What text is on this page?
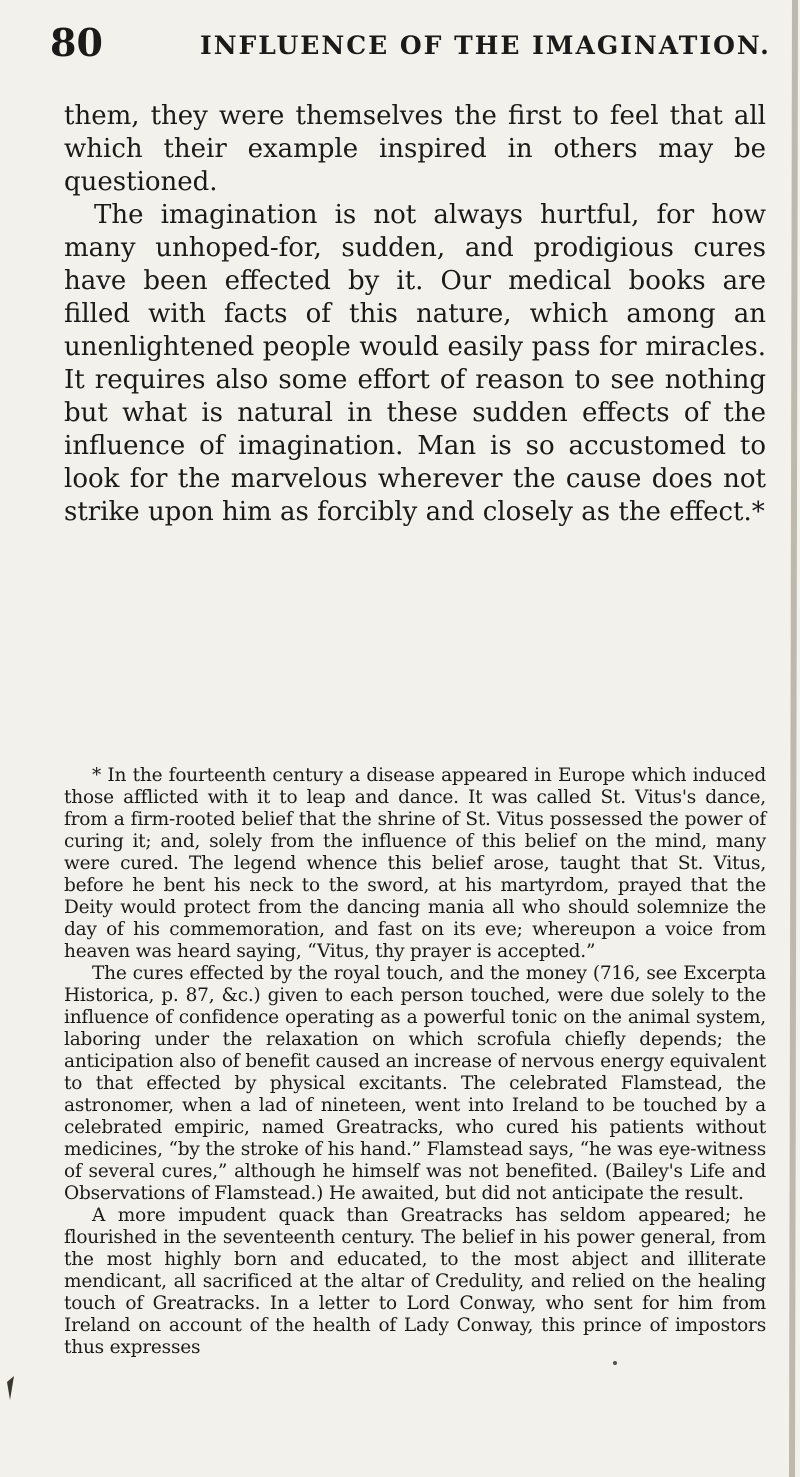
80	INFLUENCE OF THE IMAGINATION.

them, they were themselves the first to feel that all which their example inspired in others may be questioned.

The imagination is not always hurtful, for how many unhoped-for, sudden, and prodigious cures have been effected by it. Our medical books are filled with facts of this nature, which among an unenlightened people would easily pass for miracles. It requires also some effort of reason to see nothing but what is natural in these sudden effects of the influence of imagination. Man is so accustomed to look for the marvelous wherever the cause does not strike upon him as forcibly and closely as the effect.*

* In the fourteenth century a disease appeared in Europe which induced those afflicted with it to leap and dance. It was called St. Vitus's dance, from a firm-rooted belief that the shrine of St. Vitus possessed the power of curing it; and, solely from the influence of this belief on the mind, many were cured. The legend whence this belief arose, taught that St. Vitus, before he bent his neck to the sword, at his martyrdom, prayed that the Deity would protect from the dancing mania all who should solemnize the day of his commemoration, and fast on its eve; whereupon a voice from heaven was heard saying, “Vitus, thy prayer is accepted.”

The cures effected by the royal touch, and the money (716, see Excerpta Historica, p. 87, &c.) given to each person touched, were due solely to the influence of confidence operating as a powerful tonic on the animal system, laboring under the relaxation on which scrofula chiefly depends; the anticipation also of benefit caused an increase of nervous energy equivalent to that effected by physical excitants. The celebrated Flamstead, the astronomer, when a lad of nineteen, went into Ireland to be touched by a celebrated empiric, named Greatracks, who cured his patients without medicines, “by the stroke of his hand.” Flamstead says, “he was eye-witness of several cures,” although he himself was not benefited. (Bailey's Life and Observations of Flamstead.) He awaited, but did not anticipate the result.

A more impudent quack than Greatracks has seldom appeared; he flourished in the seventeenth century. The belief in his power general, from the most highly born and educated, to the most abject and illiterate mendicant, all sacrificed at the altar of Credulity, and relied on the healing touch of Greatracks. In a letter to Lord Conway, who sent for him from Ireland on account of the health of Lady Conway, this prince of impostors thus expresses
